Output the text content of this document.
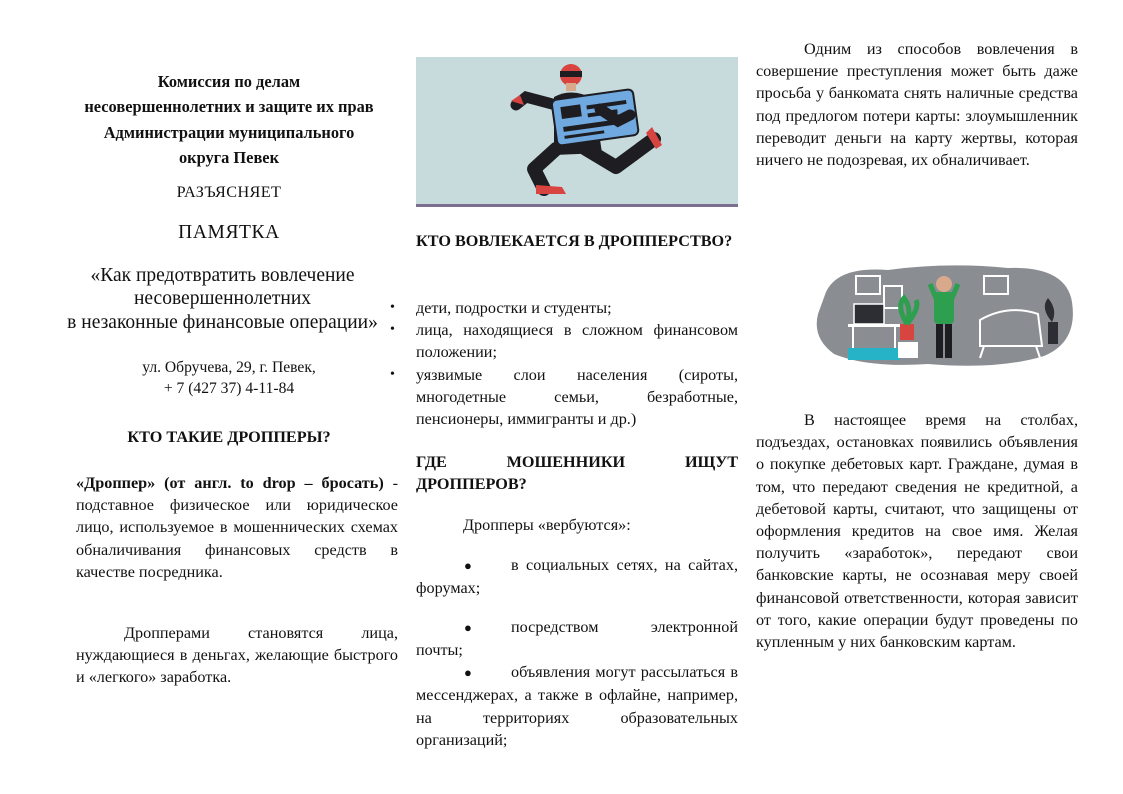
Комиссия по делам
несовершеннолетних и защите их прав
Администрации муниципального
округа Певек
РАЗЪЯСНЯЕТ
ПАМЯТКА
«Как предотвратить вовлечение
несовершеннолетних
в незаконные финансовые операции»
ул. Обручева, 29, г. Певек,
+ 7 (427 37) 4-11-84
КТО ТАКИЕ ДРОППЕРЫ?

«Дроппер» (от англ. to drop – бросать) - подставное физическое или юридическое лицо, используемое в мошеннических схемах обналичивания финансовых средств в качестве посредника.

Дропперами становятся лица, нуждающиеся в деньгах, желающие быстрого и «легкого» заработка.

КТО ВОВЛЕКАЕТСЯ В ДРОППЕРСТВО?
• дети, подростки и студенты;
• лица, находящиеся в сложном финансовом положении;
• уязвимые слои населения (сироты, многодетные семьи, безработные, пенсионеры, иммигранты и др.)
ГДЕ МОШЕННИКИ ИЩУТ ДРОППЕРОВ?
Дропперы «вербуются»:

● в социальных сетях, на сайтах, форумах;

● посредством электронной почты;

● объявления могут рассылаться в мессенджерах, а также в офлайне, например, на территориях образовательных организаций;

Одним из способов вовлечения в совершение преступления может быть даже просьба у банкомата снять наличные средства под предлогом потери карты: злоумышленник переводит деньги на карту жертвы, которая ничего не подозревая, их обналичивает.

В настоящее время на столбах, подъездах, остановках появились объявления о покупке дебетовых карт. Граждане, думая в том, что передают сведения не кредитной, а дебетовой карты, считают, что защищены от оформления кредитов на свое имя. Желая получить «заработок», передают свои банковские карты, не осознавая меру своей финансовой ответственности, которая зависит от того, какие операции будут проведены по купленным у них банковским картам.
